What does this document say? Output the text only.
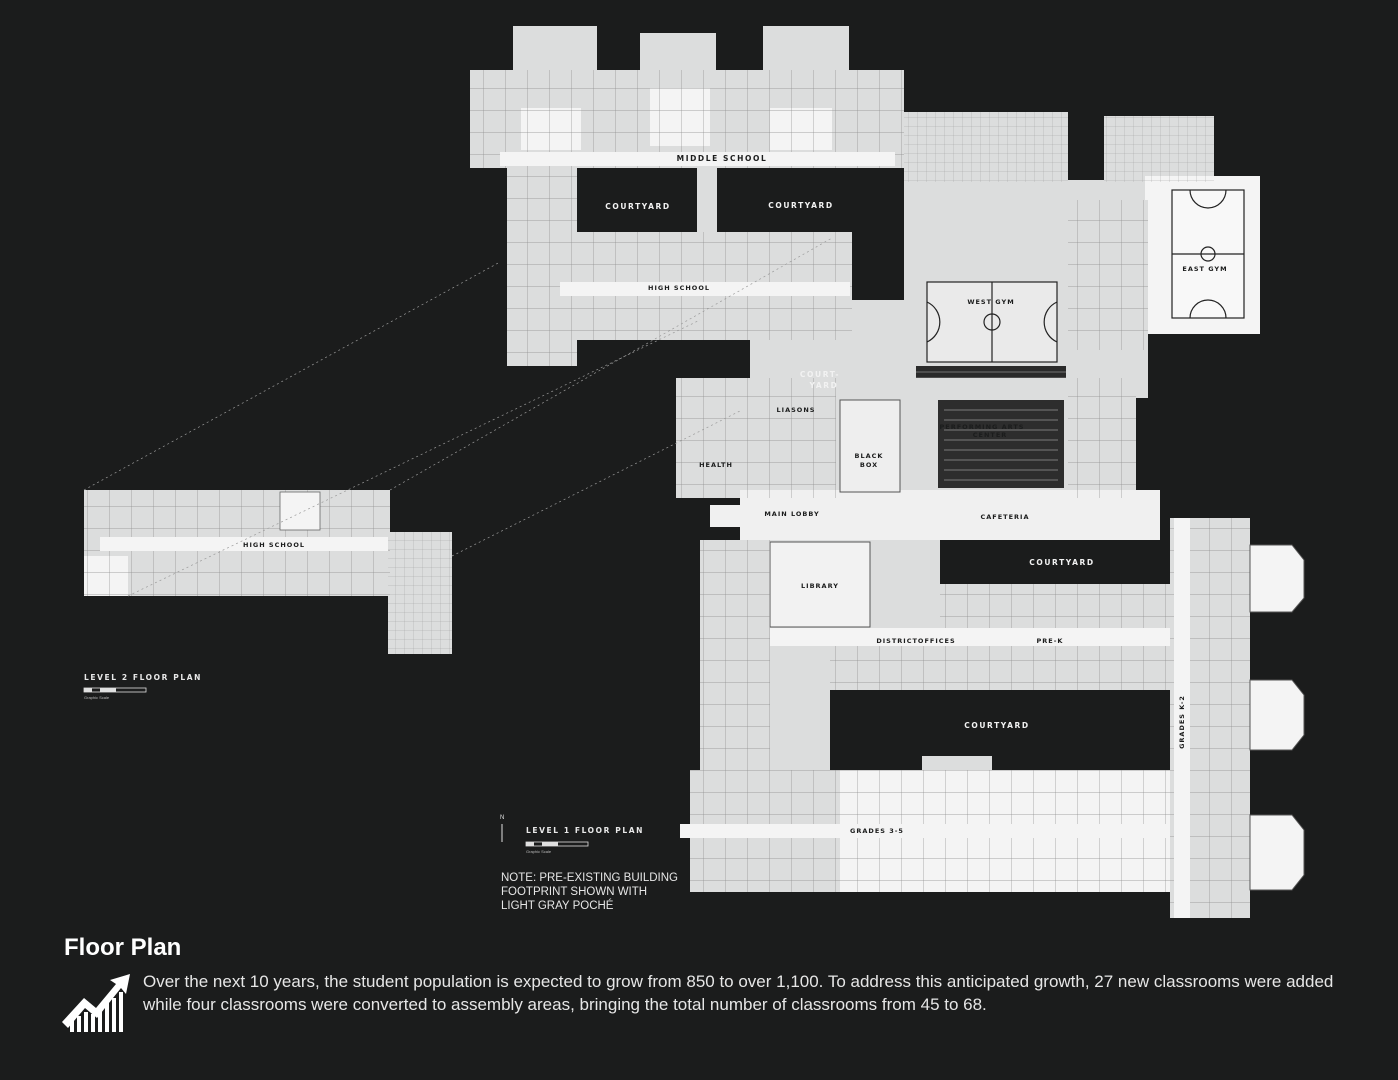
MIDDLE SCHOOL
COURTYARD	COURTYARD
HIGH SCHOOL
COURT-
YARD
LIASONS
HEALTH
BLACK
BOX
WEST GYM
EAST GYM
PERFORMING ARTS
CENTER
MAIN LOBBY	CAFETERIA
COURTYARD
LIBRARY
DISTRICTOFFICES	PRE-K
COURTYARD	GRADES K-2
GRADES 3-5
HIGH SCHOOL
LEVEL 2 FLOOR PLAN
Graphic Scale
LEVEL 1 FLOOR PLAN
Graphic Scale
N
NOTE: PRE-EXISTING BUILDING
FOOTPRINT SHOWN WITH
LIGHT GRAY POCHÉ
Floor Plan
Over the next 10 years, the student population is expected to grow from 850 to over 1,100. To address this anticipated growth, 27 new classrooms were added while four classrooms were converted to assembly areas, bringing the total number of classrooms from 45 to 68.
